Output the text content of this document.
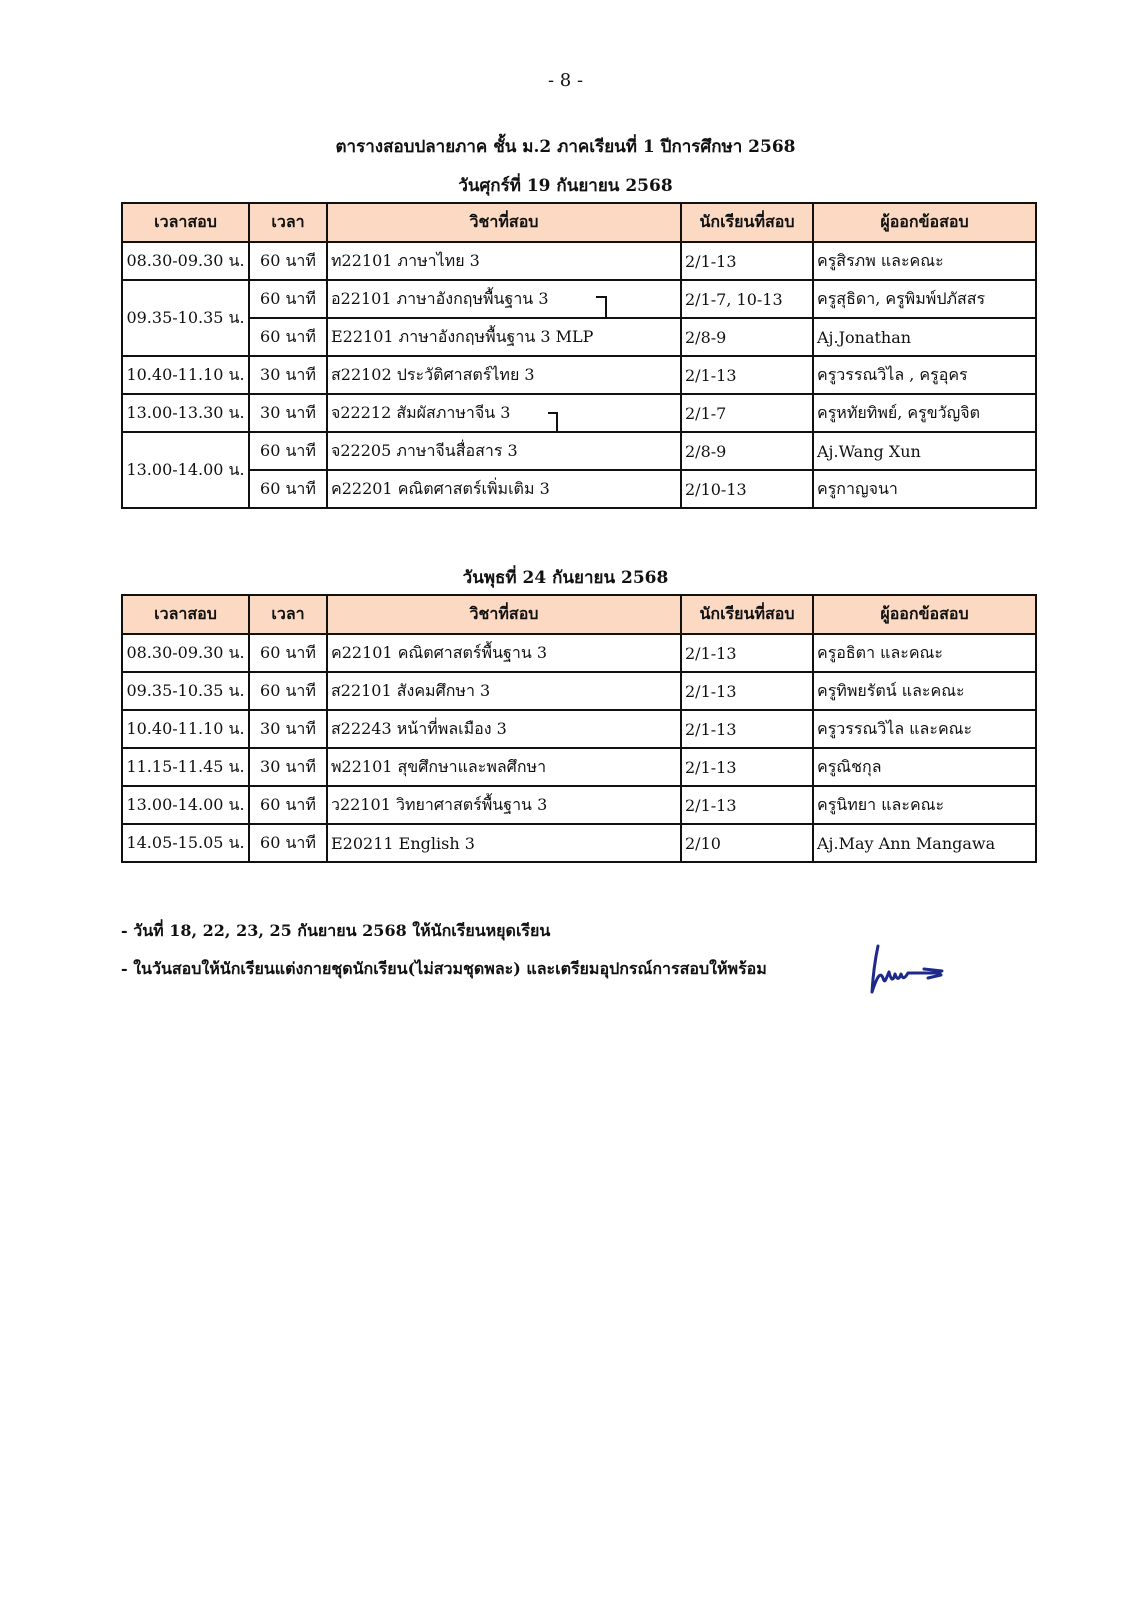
- 8 -
ตารางสอบปลายภาค ชั้น ม.2 ภาคเรียนที่ 1 ปีการศึกษา 2568
วันศุกร์ที่ 19 กันยายน 2568
เวลาสอบ	เวลา	วิชาที่สอบ	นักเรียนที่สอบ	ผู้ออกข้อสอบ
08.30-09.30 น.	60 นาที	ท22101 ภาษาไทย 3	2/1-13	ครูสิรภพ และคณะ
09.35-10.35 น.	60 นาที	อ22101 ภาษาอังกฤษพื้นฐาน 3	2/1-7, 10-13	ครูสุธิดา, ครูพิมพ์ปภัสสร
	60 นาที	E22101 ภาษาอังกฤษพื้นฐาน 3 MLP	2/8-9	Aj.Jonathan
10.40-11.10 น.	30 นาที	ส22102 ประวัติศาสตร์ไทย 3	2/1-13	ครูวรรณวิไล , ครูอุคร
13.00-13.30 น.	30 นาที	จ22212 สัมผัสภาษาจีน 3	2/1-7	ครูหทัยทิพย์, ครูขวัญจิต
13.00-14.00 น.	60 นาที	จ22205 ภาษาจีนสื่อสาร 3	2/8-9	Aj.Wang Xun
	60 นาที	ค22201 คณิตศาสตร์เพิ่มเติม 3	2/10-13	ครูกาญจนา
วันพุธที่ 24 กันยายน 2568
เวลาสอบ	เวลา	วิชาที่สอบ	นักเรียนที่สอบ	ผู้ออกข้อสอบ
08.30-09.30 น.	60 นาที	ค22101 คณิตศาสตร์พื้นฐาน 3	2/1-13	ครูอธิตา และคณะ
09.35-10.35 น.	60 นาที	ส22101 สังคมศึกษา 3	2/1-13	ครูทิพยรัตน์ และคณะ
10.40-11.10 น.	30 นาที	ส22243 หน้าที่พลเมือง 3	2/1-13	ครูวรรณวิไล และคณะ
11.15-11.45 น.	30 นาที	พ22101 สุขศึกษาและพลศึกษา	2/1-13	ครูณิชกุล
13.00-14.00 น.	60 นาที	ว22101 วิทยาศาสตร์พื้นฐาน 3	2/1-13	ครูนิทยา และคณะ
14.05-15.05 น.	60 นาที	E20211 English 3	2/10	Aj.May Ann Mangawa
- วันที่ 18, 22, 23, 25 กันยายน 2568 ให้นักเรียนหยุดเรียน
- ในวันสอบให้นักเรียนแต่งกายชุดนักเรียน(ไม่สวมชุดพละ) และเตรียมอุปกรณ์การสอบให้พร้อม
